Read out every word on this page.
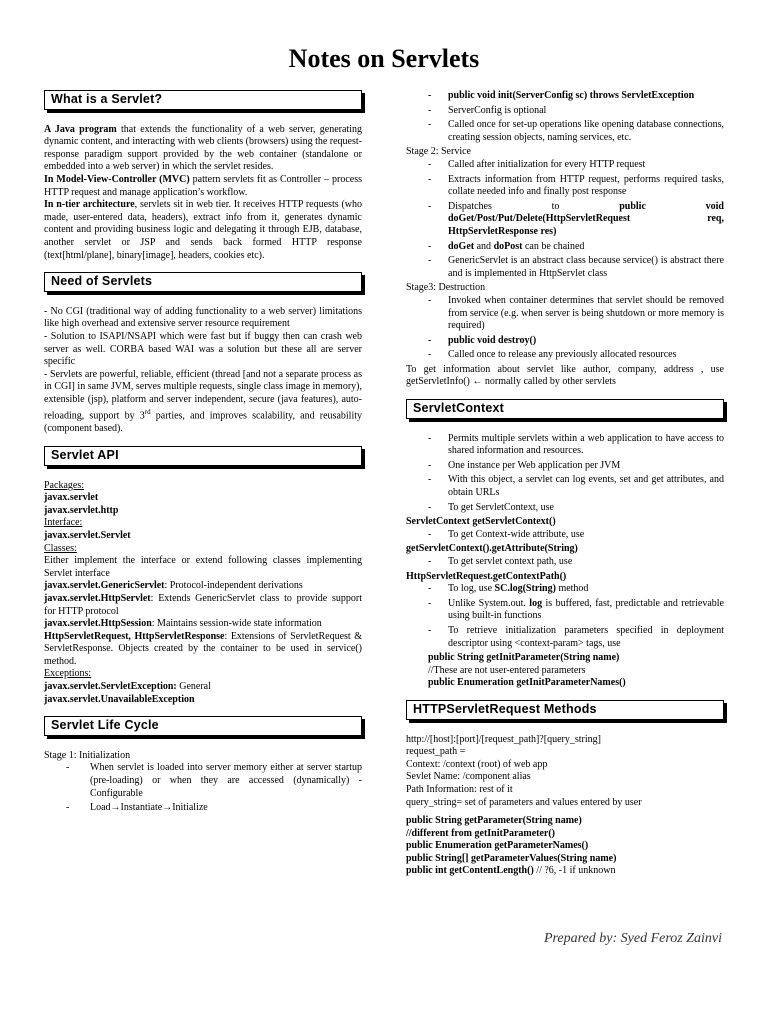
Notes on Servlets
What is a Servlet?

A Java program that extends the functionality of a web server, generating dynamic content, and interacting with web clients (browsers) using the request-response paradigm support provided by the web container (standalone or embedded into a web server) in which the servlet resides.

In Model-View-Controller (MVC) pattern servlets fit as Controller – process HTTP request and manage application’s workflow.

In n-tier architecture, servlets sit in web tier. It receives HTTP requests (who made, user-entered data, headers), extract info from it, generates dynamic content and providing business logic and delegating it through EJB, database, another servlet or JSP and sends back formed HTTP response (text[html/plane], binary[image], headers, cookies etc).

Need of Servlets

- No CGI (traditional way of adding functionality to a web server) limitations like high overhead and extensive server resource requirement

- Solution to ISAPI/NSAPI which were fast but if buggy then can crash web server as well. CORBA based WAI was a solution but these all are server specific

- Servlets are powerful, reliable, efficient (thread [and not a separate process as in CGI] in same JVM, serves multiple requests, single class image in memory), extensible (jsp), platform and server independent, secure (java features), auto-reloading, support by 3rd parties, and improves scalability, and reusability (component based).

Servlet API
Packages:
javax.servlet
javax.servlet.http
Interface:
javax.servlet.Servlet
Classes:

Either implement the interface or extend following classes implementing Servlet interface

javax.servlet.GenericServlet: Protocol-independent derivations

javax.servlet.HttpServlet: Extends GenericServlet class to provide support for HTTP protocol

javax.servlet.HttpSession: Maintains session-wide state information

HttpServletRequest, HttpServletResponse: Extensions of ServletRequest & ServletResponse. Objects created by the container to be used in service() method.

Exceptions:

javax.servlet.ServletException: General

javax.servlet.UnavailableException
Servlet Life Cycle
Stage 1: Initialization
- When servlet is loaded into server memory either at server startup (pre-loading) or when they are accessed (dynamically) - Configurable
- Load→Instantiate→Initialize
- public void init(ServerConfig sc) throws ServletException
- ServerConfig is optional
- Called once for set-up operations like opening database connections, creating session objects, naming services, etc.
Stage 2: Service
- Called after initialization for every HTTP request
- Extracts information from HTTP request, performs required tasks, collate needed info and finally post response
- Dispatches to public void doGet/Post/Put/Delete(HttpServletRequest req, HttpServletResponse res)
- doGet and doPost can be chained
- GenericServlet is an abstract class because service() is abstract there and is implemented in HttpServlet class
Stage3: Destruction
- Invoked when container determines that servlet should be removed from service (e.g. when server is being shutdown or more memory is required)
- public void destroy()
- Called once to release any previously allocated resources

To get information about servlet like author, company, address , use getServletInfo() ← normally called by other servlets

ServletContext
- Permits multiple servlets within a web application to have access to shared information and resources.
- One instance per Web application per JVM
- With this object, a servlet can log events, set and get attributes, and obtain URLs
- To get ServletContext, use
ServletContext getServletContext()
- To get Context-wide attribute, use
getServletContext().getAttribute(String)
- To get servlet context path, use
HttpServletRequest.getContextPath()
- To log, use SC.log(String) method
- Unlike System.out. log is buffered, fast, predictable and retrievable using built-in functions
- To retrieve initialization parameters specified in deployment descriptor using <context-param> tags, use
public String getInitParameter(String name)
//These are not user-entered parameters
public Enumeration getInitParameterNames()
HTTPServletRequest Methods
http://[host]:[port]/[request_path]?[query_string]
request_path =
Context: /context (root) of web app
Sevlet Name: /component alias
Path Information: rest of it
query_string= set of parameters and values entered by user
public String getParameter(String name)
//different from getInitParameter()
public Enumeration getParameterNames()
public String[] getParameterValues(String name)
public int getContentLength() // ?6, -1 if unknown
Prepared by: Syed Feroz Zainvi
